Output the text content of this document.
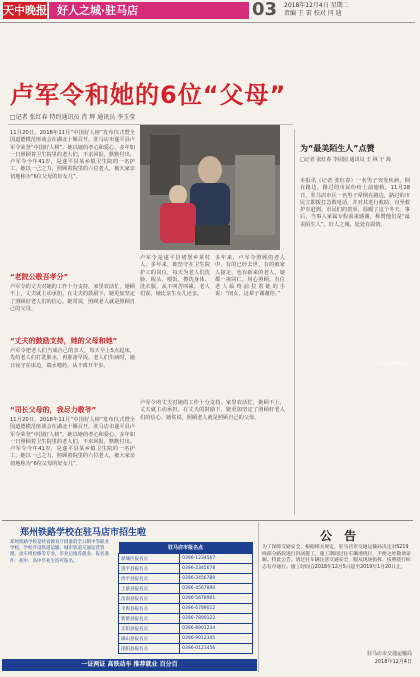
天中晚报 好人之城·驻马店	03	2018年12月4日 星期二
责编 王 雷 校对 闫 迪
卢军令和她的6位“父母”
□记者 张红春 特约通讯员 肖 辉 通讯员 李玉莹
11月20日，2018年11月“中国好人榜”发布仪式暨全国道德模范座谈会在湖北十堰召开，驻马店市遂平县卢军令荣登“中国好人榜”。她以她的孝心和爱心，多年如一日照顾着卫生院里的老人们，不求回报，默默付出。卢军令今年41岁，是遂平县某乡镇卫生院的一名护工，她以一己之力，照顾着院里的六位老人，被大家亲切地称为“6位父母的好女儿”。
卢军令正在照料老人。
卢军令是遂平县褚堡乡某村人，多年来，她坚守在卫生院护工的岗位，每天为老人们洗脸、梳头、喂饭、擦洗身体、洗衣服，从不叫苦叫累。老人们说，她比亲生女儿还亲。
多年来，卢军令照顾的老人中，有的已经去世，有的被家人接走，也有新来的老人，她都一视同仁，用心照顾。有位老人临终前拉着她的手说：“闺女，这辈子谢谢你。”
“老院公敬吾孝分”
卢军令的丈夫对她的工作十分支持。家里农活忙，她顾不上，丈夫就主动承担。在丈夫的鼓励下，她更加坚定了照顾好老人们的信心。她常说，照顾老人就是照顾自己的父母。
“丈夫的鼓励支持，她的父母和她”
卢军令把老人们当成自己的亲人，每天早上5点起床，先给老人们打洗脸水，再准备早饭。老人们生病时，她日夜守在床边，端水喂药，从不离开半步。
“司长父母的，我尽力敬爷”
11月20日，2018年11月“中国好人榜”发布仪式暨全国道德模范座谈会在湖北十堰召开，驻马店市遂平县卢军令荣登“中国好人榜”。她以她的孝心和爱心，多年如一日照顾着卫生院里的老人们，不求回报，默默付出。卢军令今年41岁，是遂平县某乡镇卫生院的一名护工，她以一己之力，照顾着院里的六位老人，被大家亲切地称为“6位父母的好女儿”。
卢军令的丈夫对她的工作十分支持。家里农活忙，她顾不上，丈夫就主动承担。在丈夫的鼓励下，她更加坚定了照顾好老人们的信心。她常说，照顾老人就是照顾自己的父母。
为“最美陌生人”点赞
□记者 张红春 李园园 通讯员 王 林 于 海
本报讯（记者 张红春）一名男子突发疾病，倒在路边，路过的市民纷纷上前施救。11月28日，驻马店市区一名男子晕倒在路边，路过的市民立即拨打急救电话，并对其进行救助，直至救护车赶到。市民们的善举，温暖了这个冬天。事后，当事人家属专程前来感谢，称赞他们是“最美陌生人”。好人之城，处处有温情。
郑州铁路学校在驻马店市招生啦
郑州铁路学校是经省教育厅批准的全日制中等职业学校，学校开设铁道运输、城市轨道交通运营管理、动车组检修等专业，毕业后推荐就业。报名条件：初中、高中毕业生均可报名。
驻马店市报名点	
驿城区报名点	0396-1234567
遂平县报名点	0396-2345678
西平县报名点	0396-3456789
上蔡县报名点	0396-4567890
汝南县报名点	0396-5678901
平舆县报名点	0396-6789012
新蔡县报名点	0396-7890123
正阳县报名点	0396-8901234
确山县报名点	0396-9012345
泌阳县报名点	0396-0123456
一证两证 高铁动车 推荐就业 百分百
公 告
为了保障交通安全，根据相关规定，驻马店市交通运输局决定对S219线部分路段进行封闭施工，施工期间过往车辆请绕行，不便之处敬请谅解。特此公告。请过往车辆注意交通安全，服从现场指挥，按照绕行标志有序通行。施工时间自2018年12月5日起至2019年1月20日止。
2018年12月4日
驻马店市交通运输局
